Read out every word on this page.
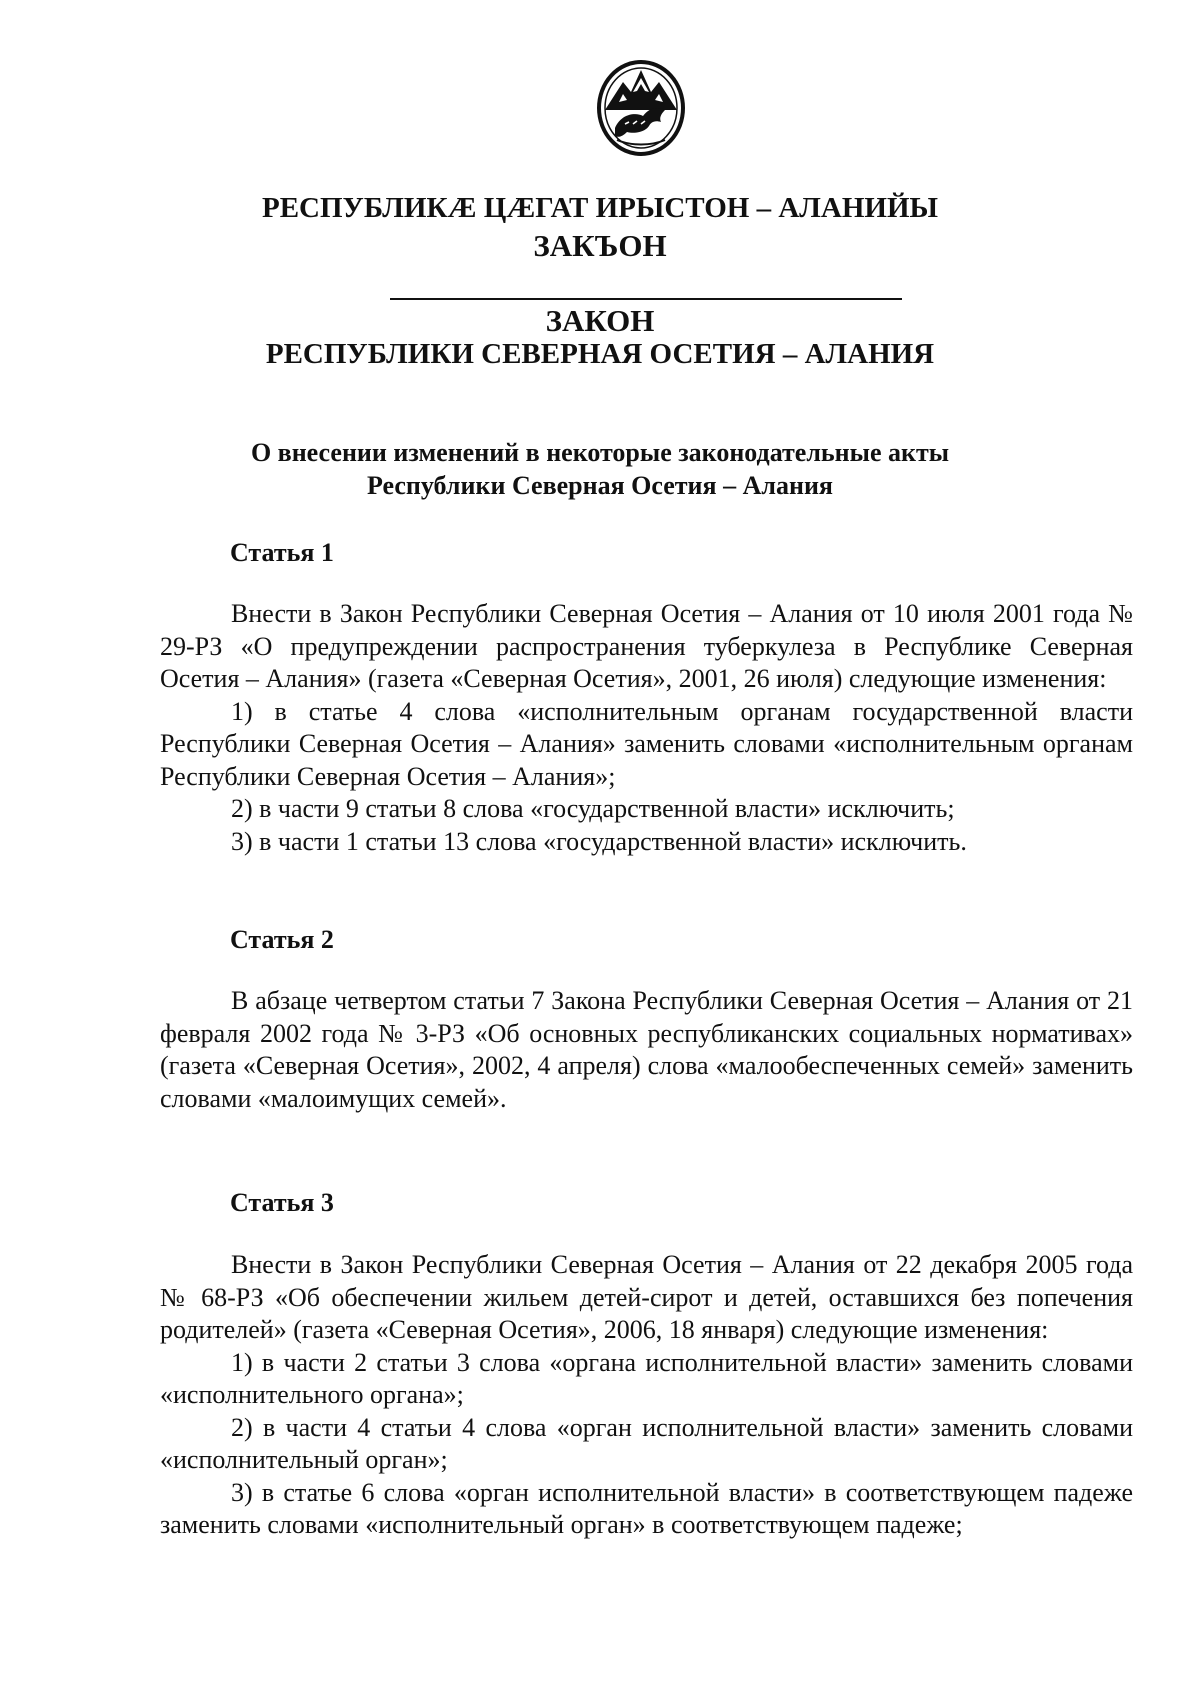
РЕСПУБЛИКÆ ЦÆГАТ ИРЫСТОН – АЛАНИЙЫ
ЗАКЪОН
ЗАКОН
РЕСПУБЛИКИ СЕВЕРНАЯ ОСЕТИЯ – АЛАНИЯ
О внесении изменений в некоторые законодательные акты
Республики Северная Осетия – Алания
Статья 1

Внести в Закон Республики Северная Осетия – Алания от 10 июля 2001 года № 29-РЗ «О предупреждении распространения туберкулеза в Республике Северная Осетия – Алания» (газета «Северная Осетия», 2001, 26 июля) следующие изменения:

1) в статье 4 слова «исполнительным органам государственной власти Республики Северная Осетия – Алания» заменить словами «исполнительным органам Республики Северная Осетия – Алания»;

2) в части 9 статьи 8 слова «государственной власти» исключить;

3) в части 1 статьи 13 слова «государственной власти» исключить.

Статья 2

В абзаце четвертом статьи 7 Закона Республики Северная Осетия – Алания от 21 февраля 2002 года № 3-РЗ «Об основных республиканских социальных нормативах» (газета «Северная Осетия», 2002, 4 апреля) слова «малообеспеченных семей» заменить словами «малоимущих семей».

Статья 3

Внести в Закон Республики Северная Осетия – Алания от 22 декабря 2005 года № 68-РЗ «Об обеспечении жильем детей-сирот и детей, оставшихся без попечения родителей» (газета «Северная Осетия», 2006, 18 января) следующие изменения:

1) в части 2 статьи 3 слова «органа исполнительной власти» заменить словами «исполнительного органа»;

2) в части 4 статьи 4 слова «орган исполнительной власти» заменить словами «исполнительный орган»;

3) в статье 6 слова «орган исполнительной власти» в соответствующем падеже заменить словами «исполнительный орган» в соответствующем падеже;
